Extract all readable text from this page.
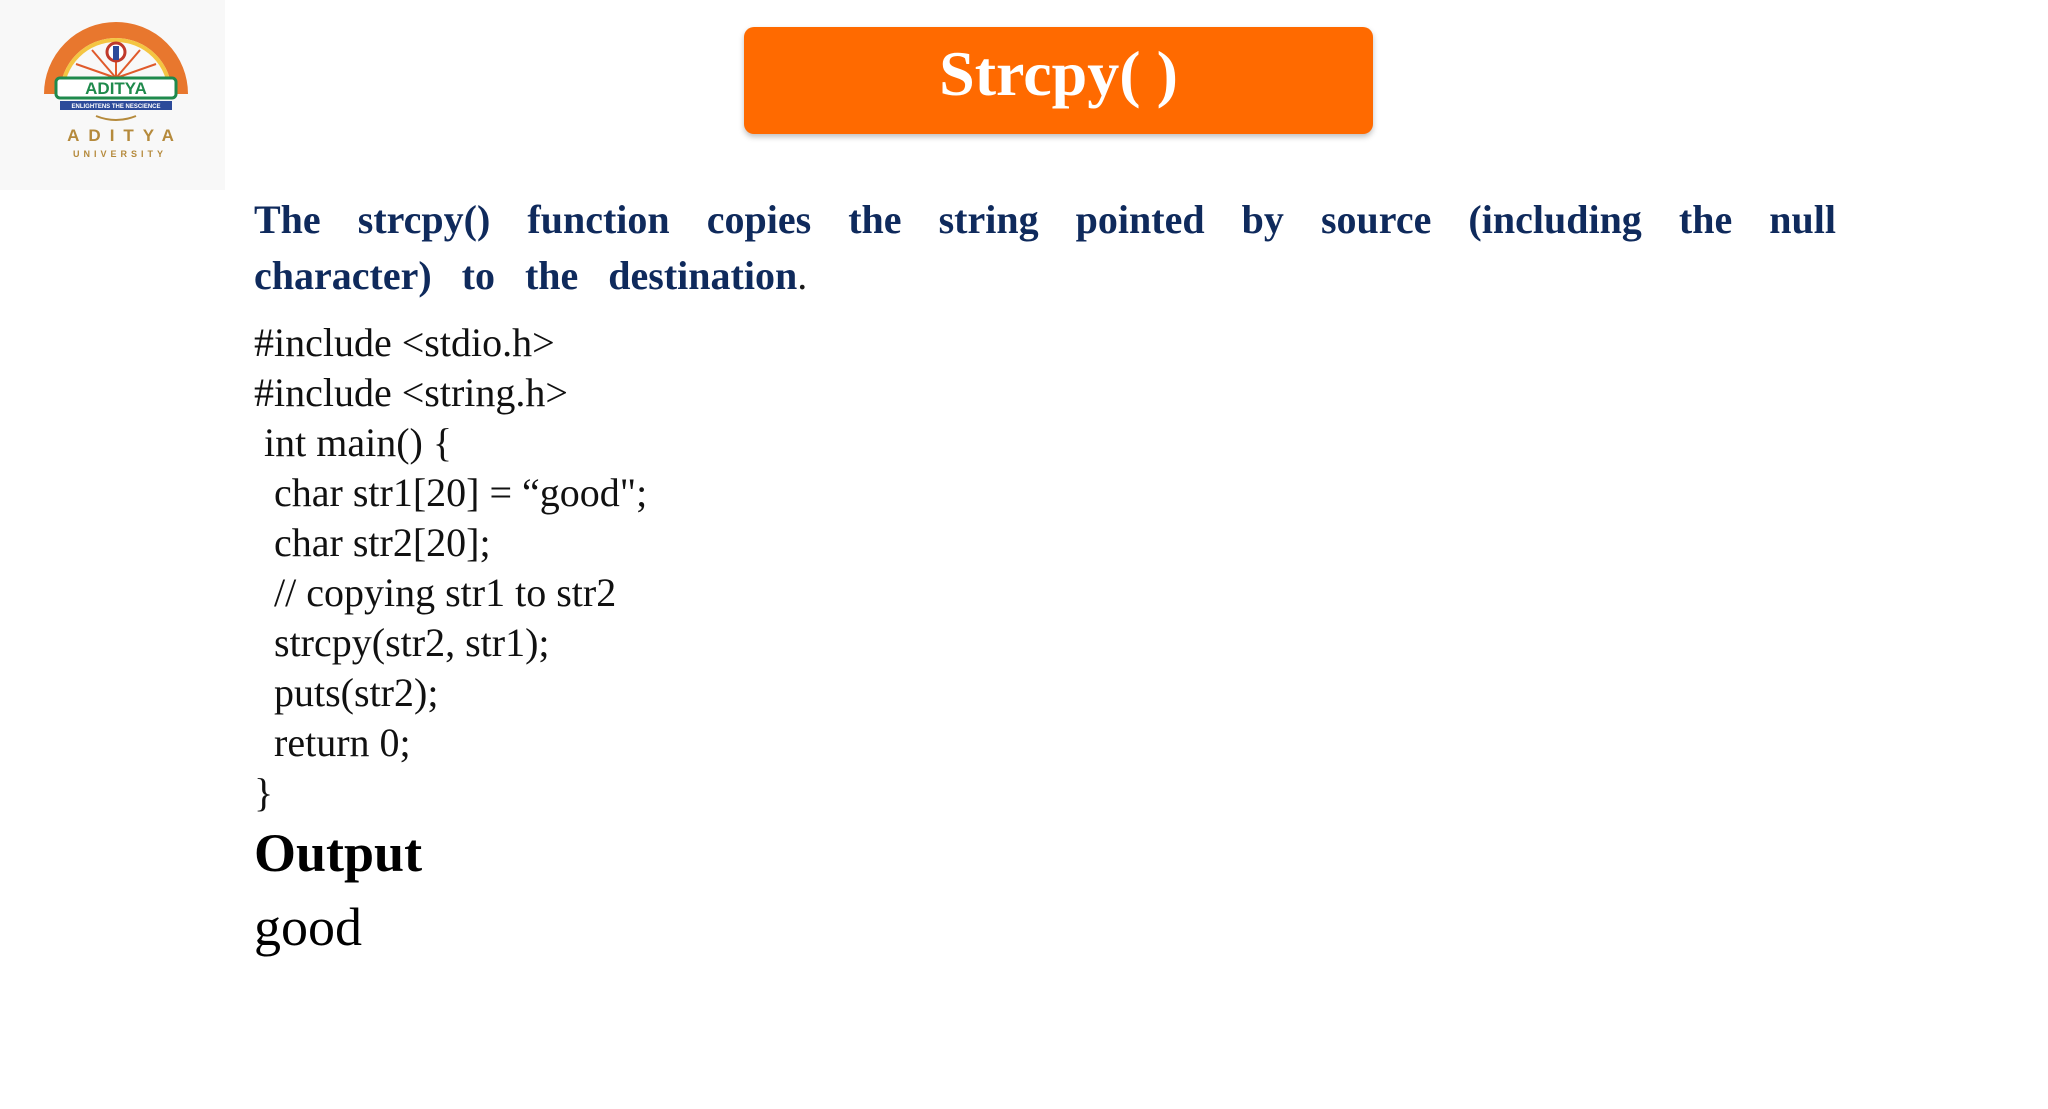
ADITYA
ENLIGHTENS THE NESCIENCE
ADITYA
UNIVERSITY
Strcpy( )

The strcpy() function copies the string pointed by source (including the null character) to the destination.

#include <stdio.h>
#include <string.h>
int main() {
char str1[20] = “good";
char str2[20];
// copying str1 to str2
strcpy(str2, str1);
puts(str2);
return 0;
}
Output
good
